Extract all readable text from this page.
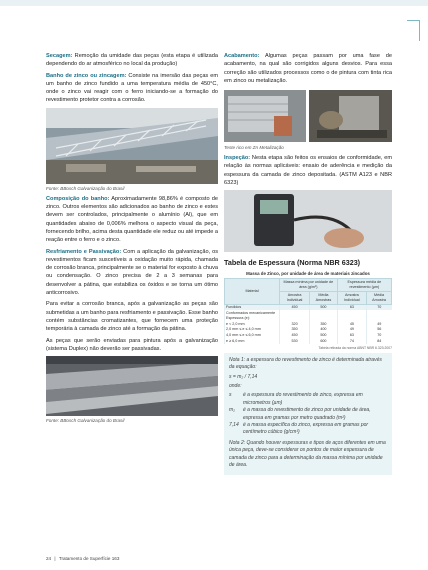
Secagem: Remoção da umidade das peças (esta etapa é utilizada dependendo do ar atmosférico no local da produção)

Banho de zinco ou zincagem: Consiste na imersão das peças em um banho de zinco fundido a uma temperatura média de 450°C, onde o zinco vai reagir com o ferro iniciando-se a formação do revestimento protetor contra a corrosão.

Fonte: BBosch Galvanização do Brasil

Composição do banho: Aproximadamente 98,86% é composto de zinco. Outros elementos são adicionados ao banho de zinco e estes devem ser controlados, principalmente o alumínio (Al), que em quantidades abaixo de 0,006% melhora o aspecto visual da peça, fornecendo brilho, acima desta quantidade ele reduz ou até impede a reação entre o ferro e o zinco.

Resfriamento e Passivação: Com a aplicação da galvanização, os revestimentos ficam suscetíveis a oxidação muito rápida, chamada de corrosão branca, principalmente se o material for exposto à chuva ou condensação. O zinco precisa de 2 a 3 semanas para desenvolver a pátina, que estabiliza os óxidos e se torna um ótimo anticorrosivo.

Para evitar a corrosão branca, após a galvanização as peças são submetidas a um banho para resfriamento e passivação. Esse banho contém substâncias cromatizantes, que fornecem uma proteção temporária à camada de zinco até a formação da pátina.

As peças que serão enviadas para pintura após a galvanização (sistema Duplex) não deverão ser passivadas.

Fonte: BBosch Galvanização do Brasil

Acabamento: Algumas peças passam por uma fase de acabamento, na qual são corrigidos alguns desvios. Para essa correção são utilizados processos como o de pintura com tinta rica em zinco ou metalização.

Teste rico em Zn Metalização

Inspeção: Nesta etapa são feitos os ensaios de conformidade, em relação às normas aplicáveis: ensaio de aderência e medição da espessura da camada de zinco depositada. (ASTM A123 e NBR 6323)

Tabela de Espessura (Norma NBR 6323)
Massa de Zinco, por unidade de área de materiais zincados
Material	Massa mínima por unidade de área (g/m²)		Espessura média de revestimento (µm)	
	Amostra Individual	Média Amostras	Amostra Individual	Média Amostra
Fundidos	450	500	63	70
Conformados mecanicamente				
Espessura (e):				
e < 2,0 mm	320	350	45	49
2,0 mm ≤ e ≤ 4,0 mm	350	400	49	56
4,0 mm ≤ e ≤ 6,0 mm	450	500	63	70
e ≥ 6,0 mm	530	600	74	84
Tabela retirada da norma ABNT NBR 6.323:2007

Nota 1: a espessura do revestimento de zinco é determinada através da equação:

s = m₂ / 7,14

onde:

s	é a espessura do revestimento de zinco, expressa em micrometros (µm)
m₂	é a massa do revestimento de zinco por unidade de área, expressa em gramas por metro quadrado (m²)
7,14 é a massa específica do zinco, expressa em gramas por centímetro cúbico (g/cm³)

Nota 2: Quando houver espessuras e tipos de aços diferentes em uma única peça, deve-se considerar os pontos de maior espessura de camada de zinco para a determinação da massa mínima por unidade de área.

24 | Tratamento de Superfície 163
